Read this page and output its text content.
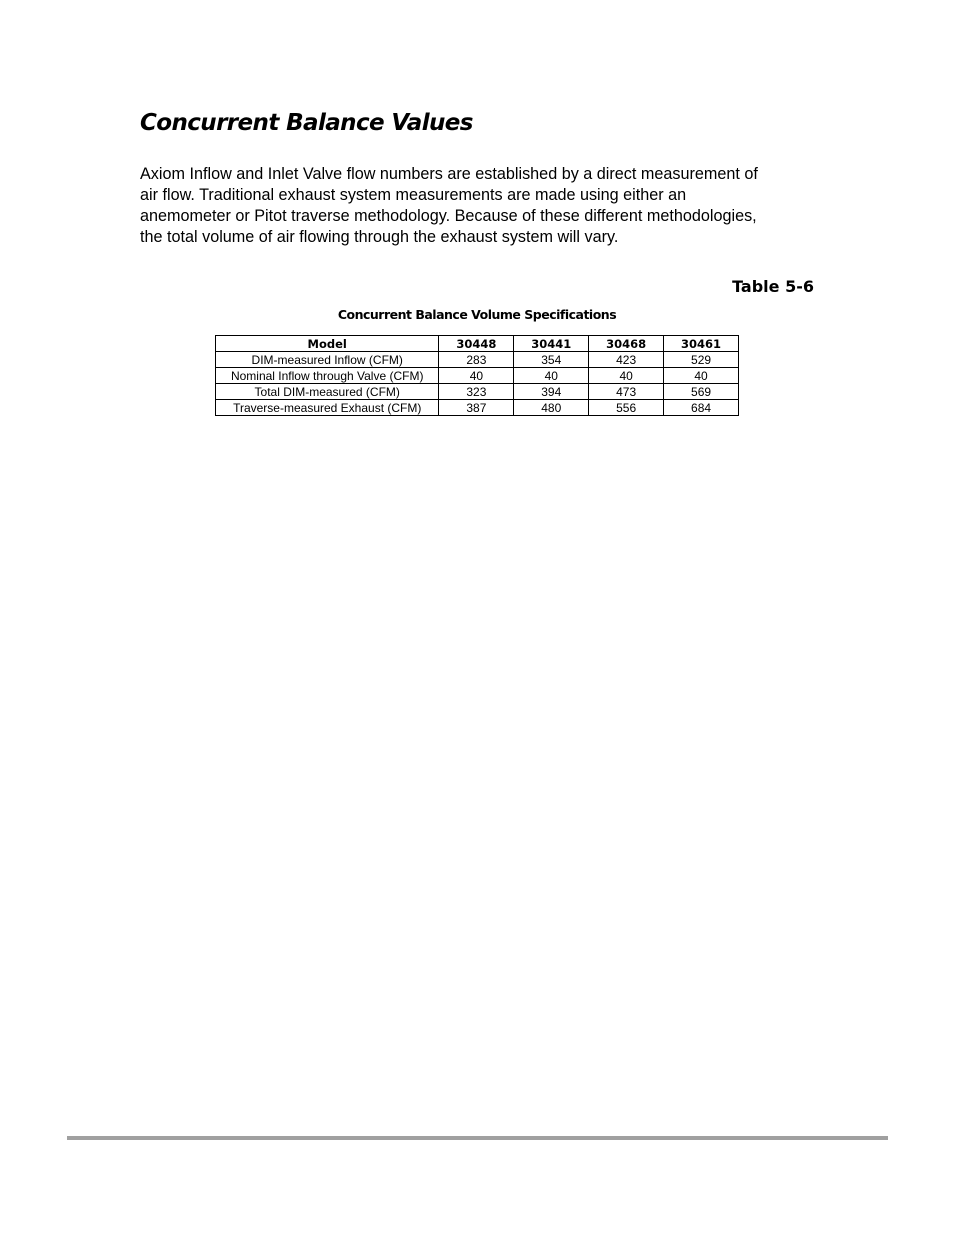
Concurrent Balance Values

Axiom Inflow and Inlet Valve flow numbers are established by a direct measurement of
air flow. Traditional exhaust system measurements are made using either an
anemometer or Pitot traverse methodology. Because of these different methodologies,
the total volume of air flowing through the exhaust system will vary.

Table 5-6

Concurrent Balance Volume Specifications

Model	30448	30441	30468	30461
DIM-measured Inflow (CFM)	283	354	423	529
Nominal Inflow through Valve (CFM)	40	40	40	40
Total DIM-measured (CFM)	323	394	473	569
Traverse-measured Exhaust (CFM)	387	480	556	684
